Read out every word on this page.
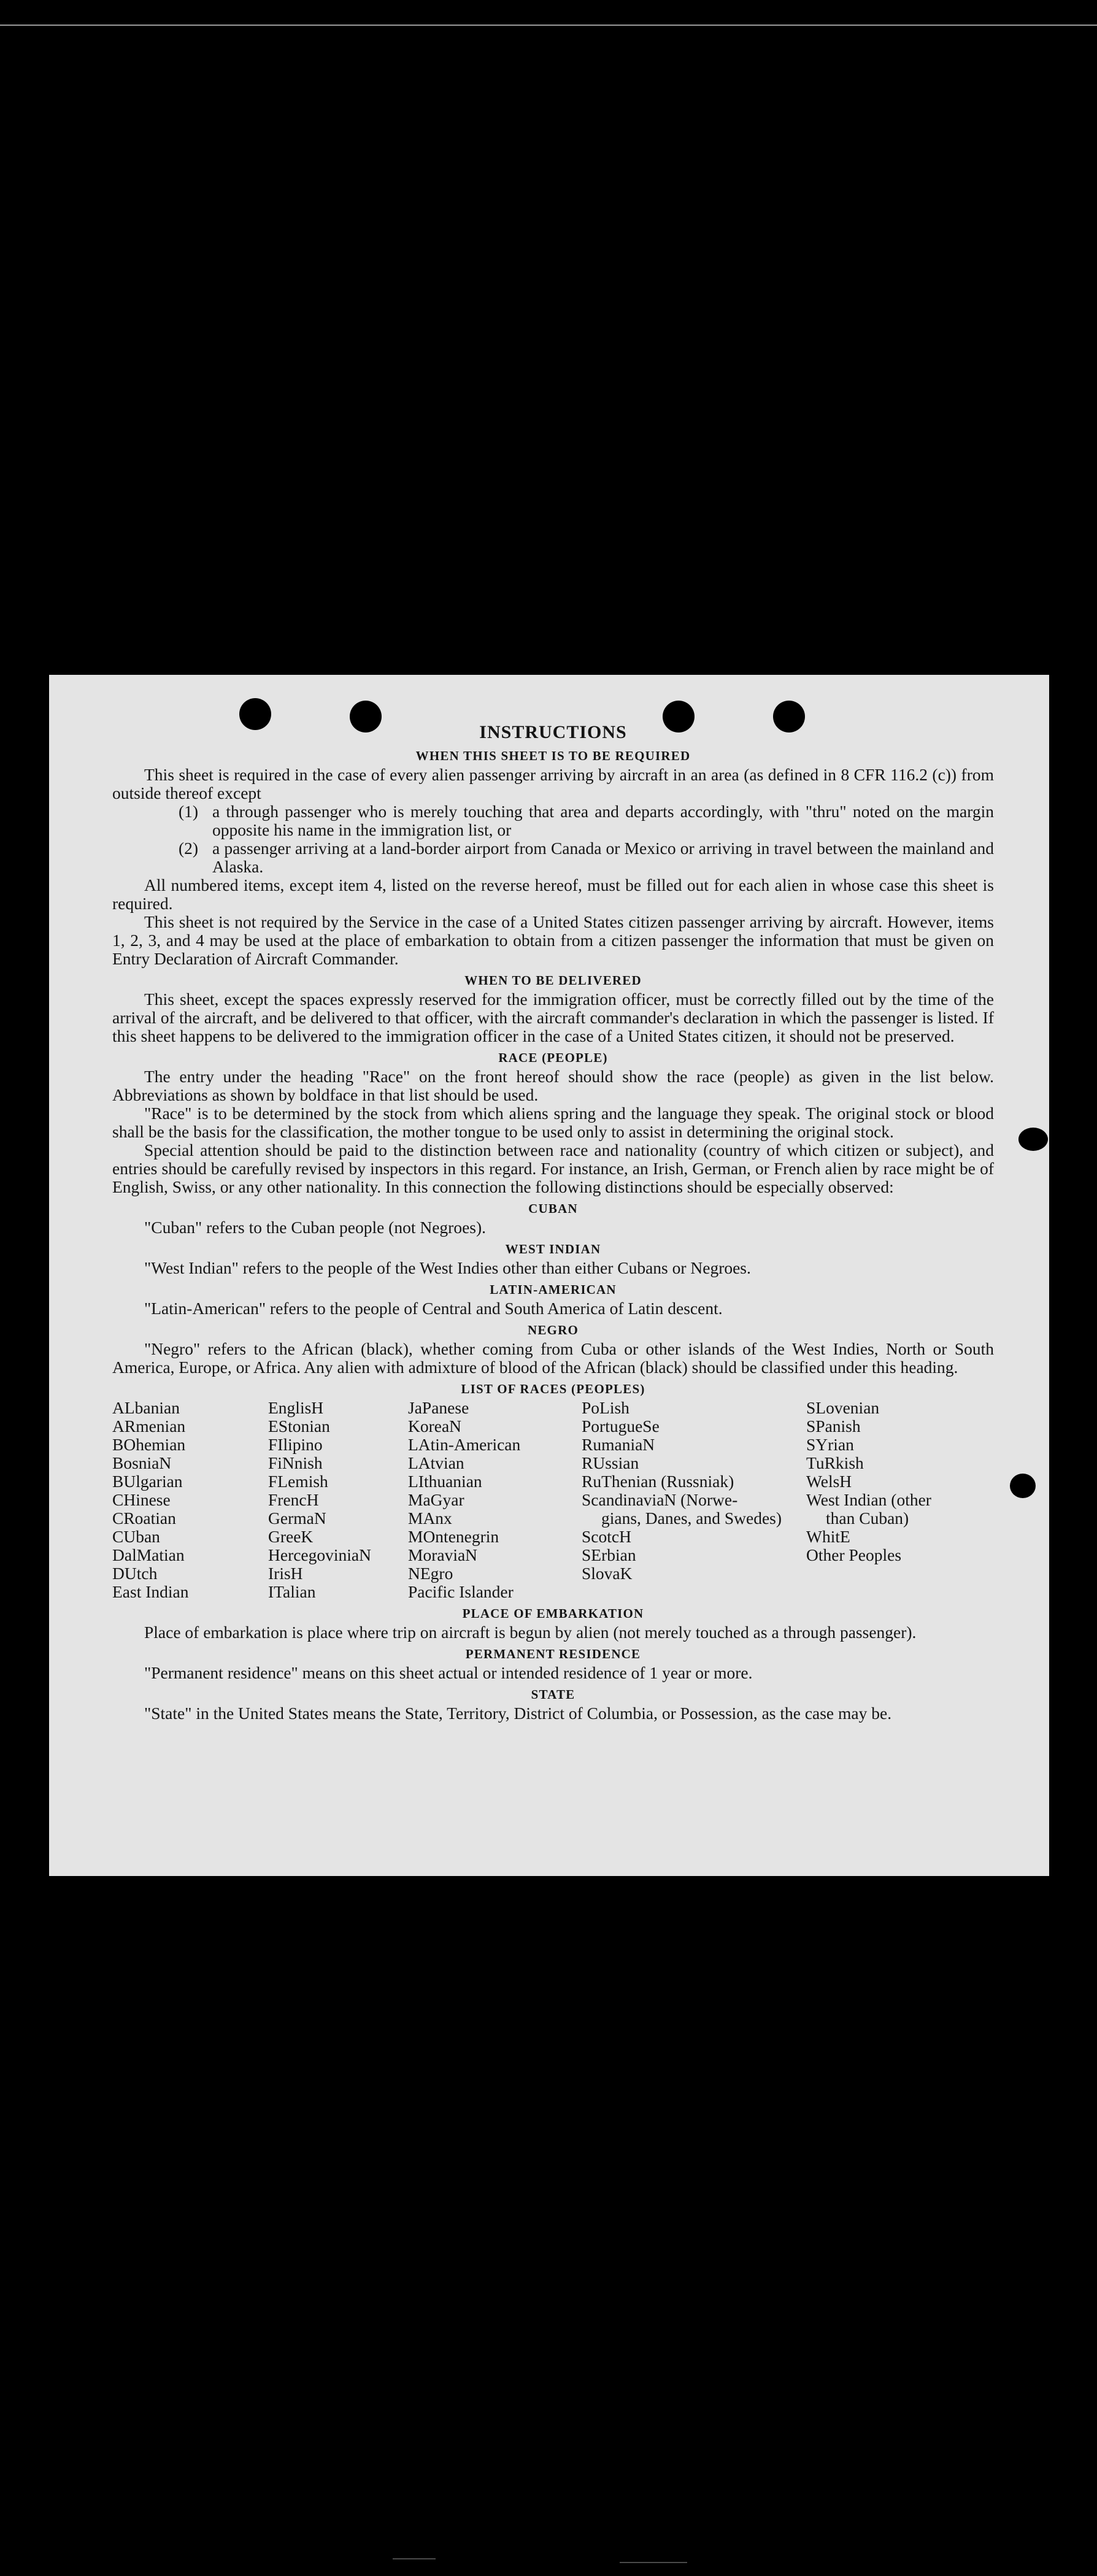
INSTRUCTIONS
WHEN THIS SHEET IS TO BE REQUIRED

This sheet is required in the case of every alien passenger arriving by aircraft in an area (as defined in 8 CFR 116.2 (c)) from outside thereof except

(1) a through passenger who is merely touching that area and departs accordingly, with "thru" noted on the margin opposite his name in the immigration list, or
(2) a passenger arriving at a land-border airport from Canada or Mexico or arriving in travel between the mainland and Alaska.

All numbered items, except item 4, listed on the reverse hereof, must be filled out for each alien in whose case this sheet is required.

This sheet is not required by the Service in the case of a United States citizen passenger arriving by aircraft. However, items 1, 2, 3, and 4 may be used at the place of embarkation to obtain from a citizen passenger the information that must be given on Entry Declaration of Aircraft Commander.

WHEN TO BE DELIVERED

This sheet, except the spaces expressly reserved for the immigration officer, must be correctly filled out by the time of the arrival of the aircraft, and be delivered to that officer, with the aircraft commander's declaration in which the passenger is listed. If this sheet happens to be delivered to the immigration officer in the case of a United States citizen, it should not be preserved.

RACE (PEOPLE)

The entry under the heading "Race" on the front hereof should show the race (people) as given in the list below. Abbreviations as shown by boldface in that list should be used.

"Race" is to be determined by the stock from which aliens spring and the language they speak. The original stock or blood shall be the basis for the classification, the mother tongue to be used only to assist in determining the original stock.

Special attention should be paid to the distinction between race and nationality (country of which citizen or subject), and entries should be carefully revised by inspectors in this regard. For instance, an Irish, German, or French alien by race might be of English, Swiss, or any other nationality. In this connection the following distinctions should be especially observed:

CUBAN

"Cuban" refers to the Cuban people (not Negroes).

WEST INDIAN

"West Indian" refers to the people of the West Indies other than either Cubans or Negroes.

LATIN-AMERICAN

"Latin-American" refers to the people of Central and South America of Latin descent.

NEGRO

"Negro" refers to the African (black), whether coming from Cuba or other islands of the West Indies, North or South America, Europe, or Africa. Any alien with admixture of blood of the African (black) should be classified under this heading.

LIST OF RACES (PEOPLES)
ALbanian
ARmenian
BOhemian
BosniaN
BUlgarian
CHinese
CRoatian
CUban
DalMatian
DUtch
East Indian
EnglisH
EStonian
FIlipino
FiNnish
FLemish
FrencH
GermaN
GreeK
HercegoviniaN
IrisH
ITalian
JaPanese
KoreaN
LAtin-American
LAtvian
LIthuanian
MaGyar
MAnx
MOntenegrin
MoraviaN
NEgro
Pacific Islander
PoLish
PortugueSe
RumaniaN
RUssian
RuThenian (Russniak)
ScandinaviaN (Norwe-
gians, Danes, and Swedes)
ScotcH
SErbian
SlovaK
SLovenian
SPanish
SYrian
TuRkish
WelsH
West Indian (other
than Cuban)
WhitE
Other Peoples
PLACE OF EMBARKATION

Place of embarkation is place where trip on aircraft is begun by alien (not merely touched as a through passenger).

PERMANENT RESIDENCE

"Permanent residence" means on this sheet actual or intended residence of 1 year or more.

STATE

"State" in the United States means the State, Territory, District of Columbia, or Possession, as the case may be.
